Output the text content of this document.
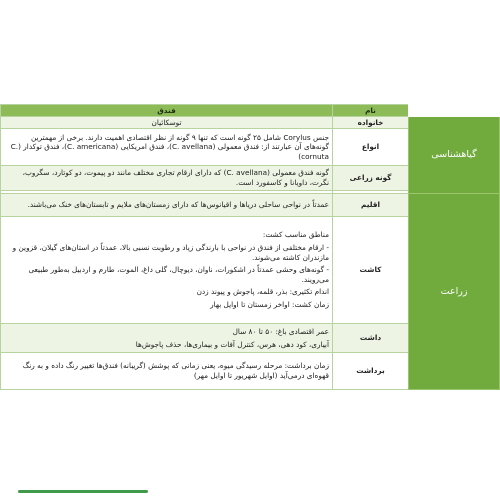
	نام	فندق
گیاهشناسی	خانواده	توسکائیان
	انواع	جنس Corylus شامل ۲۵ گونه است که تنها ۹ گونه از نظر اقتصادی اهمیت دارند. برخی از مهمترین گونه‌های آن عبارتند از: فندق معمولی (C. avellana)، فندق امریکایی (C. americana)، فندق توکدار (C. cornuta)
	گونه زراعی	گونه فندق معمولی (C. avellana) که دارای ارقام تجاری مختلف مانند دو پیموت، دو کوتارد، سگروب، نگرت، داویانا و کاسفورد است.

زراعت	اقلیم	عمدتاً در نواحی ساحلی دریاها و اقیانوس‌ها که دارای زمستان‌های ملایم و تابستان‌های خنک می‌باشند.
	کاشت	مناطق مناسب کشت:

- ارقام مختلفی از فندق در نواحی با بارندگی زیاد و رطوبت نسبی بالا، عمدتاً در استان‌های گیلان، قزوین و مازندران کاشته می‌شوند.

- گونه‌های وحشی عمدتاً در اشکورات، ناوان، دیوچال، گلی داغ، الموت، طارم و اردبیل به‌طور طبیعی می‌رویند.

اندام تکثیری: بذر، قلمه، پاجوش و پیوند زدن

زمان کشت: اواخر زمستان تا اوایل بهار

	داشت	عمر اقتصادی باغ: ۵۰ تا ۸۰ سال

آبیاری، کود دهی، هرس، کنترل آفات و بیماری‌ها، حذف پاجوش‌ها

	برداشت	زمان برداشت: مرحله رسیدگی میوه، یعنی زمانی که پوشش (گریبانه) فندق‌ها تغییر رنگ داده و به رنگ قهوه‌ای درمی‌آید (اوایل شهریور تا اوایل مهر)
